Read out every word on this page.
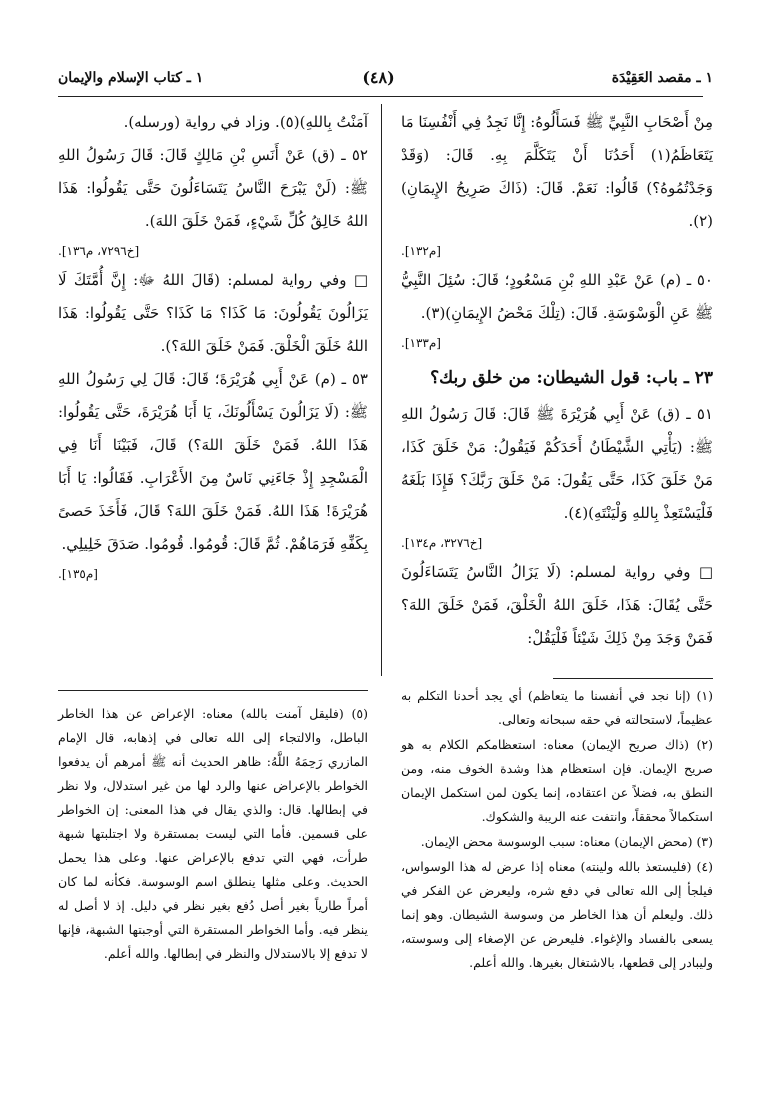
١ ـ مقصد العَقِيْدَة
(٤٨)
١ ـ كتاب الإسلام والإيمان

مِنْ أَصْحَابِ النَّبِيِّ ﷺ فَسَأَلُوهُ: إِنَّا نَجِدُ فِي أَنْفُسِنَا مَا يَتَعَاظَمُ(١) أَحَدُنَا أَنْ يَتَكَلَّمَ بِهِ. قَالَ: (وَقَدْ وَجَدْتُمُوهُ؟) قَالُوا: نَعَمْ. قَالَ: (ذَاكَ صَرِيحُ الإِيمَانِ)(٢).

[م١٣٢].

٥٠ ـ (م) عَنْ عَبْدِ اللهِ بْنِ مَسْعُودٍ؛ قَالَ: سُئِلَ النَّبِيُّ ﷺ عَنِ الْوَسْوَسَةِ. قَالَ: (تِلْكَ مَحْضُ الإِيمَانِ)(٣).

[م١٣٣].

٢٣ ـ باب: قول الشيطان: من خلق ربك؟

٥١ ـ (ق) عَنْ أَبِي هُرَيْرَةَ ﷺ قَالَ: قَالَ رَسُولُ اللهِ ﷺ: (يَأْتِي الشَّيْطَانُ أَحَدَكُمْ فَيَقُولُ: مَنْ خَلَقَ كَذَا، مَنْ خَلَقَ كَذَا، حَتَّى يَقُولَ: مَنْ خَلَقَ رَبَّكَ؟ فَإِذَا بَلَغَهُ فَلْيَسْتَعِذْ بِاللهِ وَلْيَنْتَهِ)(٤).

[خ٣٢٧٦، م١٣٤].

□ وفي رواية لمسلم: (لَا يَزَالُ النَّاسُ يَتَسَاءَلُونَ حَتَّى يُقَالَ: هَذَا، خَلَقَ اللهُ الْخَلْقَ، فَمَنْ خَلَقَ اللهَ؟ فَمَنْ وَجَدَ مِنْ ذَلِكَ شَيْئاً فَلْيَقُلْ:

آمَنْتُ بِاللهِ)(٥). وزاد في رواية (ورسله).

٥٢ ـ (ق) عَنْ أَنَسِ بْنِ مَالِكٍ قَالَ: قَالَ رَسُولُ اللهِ ﷺ: (لَنْ يَبْرَحَ النَّاسُ يَتَسَاءَلُونَ حَتَّى يَقُولُوا: هَذَا اللهُ خَالِقُ كُلِّ شَيْءٍ، فَمَنْ خَلَقَ اللهَ).

[خ٧٢٩٦، م١٣٦].

□ وفي رواية لمسلم: (قَالَ اللهُ ﷻ: إِنَّ أُمَّتَكَ لَا يَزَالُونَ يَقُولُونَ: مَا كَذَا؟ مَا كَذَا؟ حَتَّى يَقُولُوا: هَذَا اللهُ خَلَقَ الْخَلْقَ. فَمَنْ خَلَقَ اللهَ؟).

٥٣ ـ (م) عَنْ أَبِي هُرَيْرَةَ؛ قَالَ: قَالَ لِي رَسُولُ اللهِ ﷺ: (لَا يَزَالُونَ يَسْأَلُونَكَ، يَا أَبَا هُرَيْرَةَ، حَتَّى يَقُولُوا: هَذَا اللهُ. فَمَنْ خَلَقَ اللهَ؟) قَالَ، فَبَيْنَا أَنَا فِي الْمَسْجِدِ إِذْ جَاءَنِي نَاسٌ مِنَ الأَعْرَابِ. فَقَالُوا: يَا أَبَا هُرَيْرَةَ! هَذَا اللهُ. فَمَنْ خَلَقَ اللهَ؟ قَالَ، فَأَخَذَ حَصىً بِكَفِّهِ فَرَمَاهُمْ. ثُمَّ قَالَ: قُومُوا. قُومُوا. صَدَقَ خَلِيلِي.

[م١٣٥].

(١) (إنا نجد في أنفسنا ما يتعاظم) أي يجد أحدنا التكلم به عظيماً، لاستحالته في حقه سبحانه وتعالى.

(٢) (ذاك صريح الإيمان) معناه: استعظامكم الكلام به هو صريح الإيمان. فإن استعظام هذا وشدة الخوف منه، ومن النطق به، فضلاً عن اعتقاده، إنما يكون لمن استكمل الإيمان استكمالاً محققاً، وانتفت عنه الريبة والشكوك.

(٣) (محض الإيمان) معناه: سبب الوسوسة محض الإيمان.

(٤) (فليستعذ بالله ولينته) معناه إذا عرض له هذا الوسواس، فيلجأ إلى الله تعالى في دفع شره، وليعرض عن الفكر في ذلك. وليعلم أن هذا الخاطر من وسوسة الشيطان. وهو إنما يسعى بالفساد والإغواء. فليعرض عن الإصغاء إلى وسوسته، وليبادر إلى قطعها، بالاشتغال بغيرها. والله أعلم.

(٥) (فليقل آمنت بالله) معناه: الإعراض عن هذا الخاطر الباطل، والالتجاء إلى الله تعالى في إذهابه، قال الإمام المازري رَحِمَهُ اللَّهُ: ظاهر الحديث أنه ﷺ أمرهم أن يدفعوا الخواطر بالإعراض عنها والرد لها من غير استدلال، ولا نظر في إبطالها. قال: والذي يقال في هذا المعنى: إن الخواطر على قسمين. فأما التي ليست بمستقرة ولا اجتلبتها شبهة طرأت، فهي التي تدفع بالإعراض عنها. وعلى هذا يحمل الحديث. وعلى مثلها ينطلق اسم الوسوسة. فكأنه لما كان أمراً طارياً بغير أصل دُفع بغير نظر في دليل. إذ لا أصل له ينظر فيه. وأما الخواطر المستقرة التي أوجبتها الشبهة، فإنها لا تدفع إلا بالاستدلال والنظر في إبطالها. والله أعلم.
